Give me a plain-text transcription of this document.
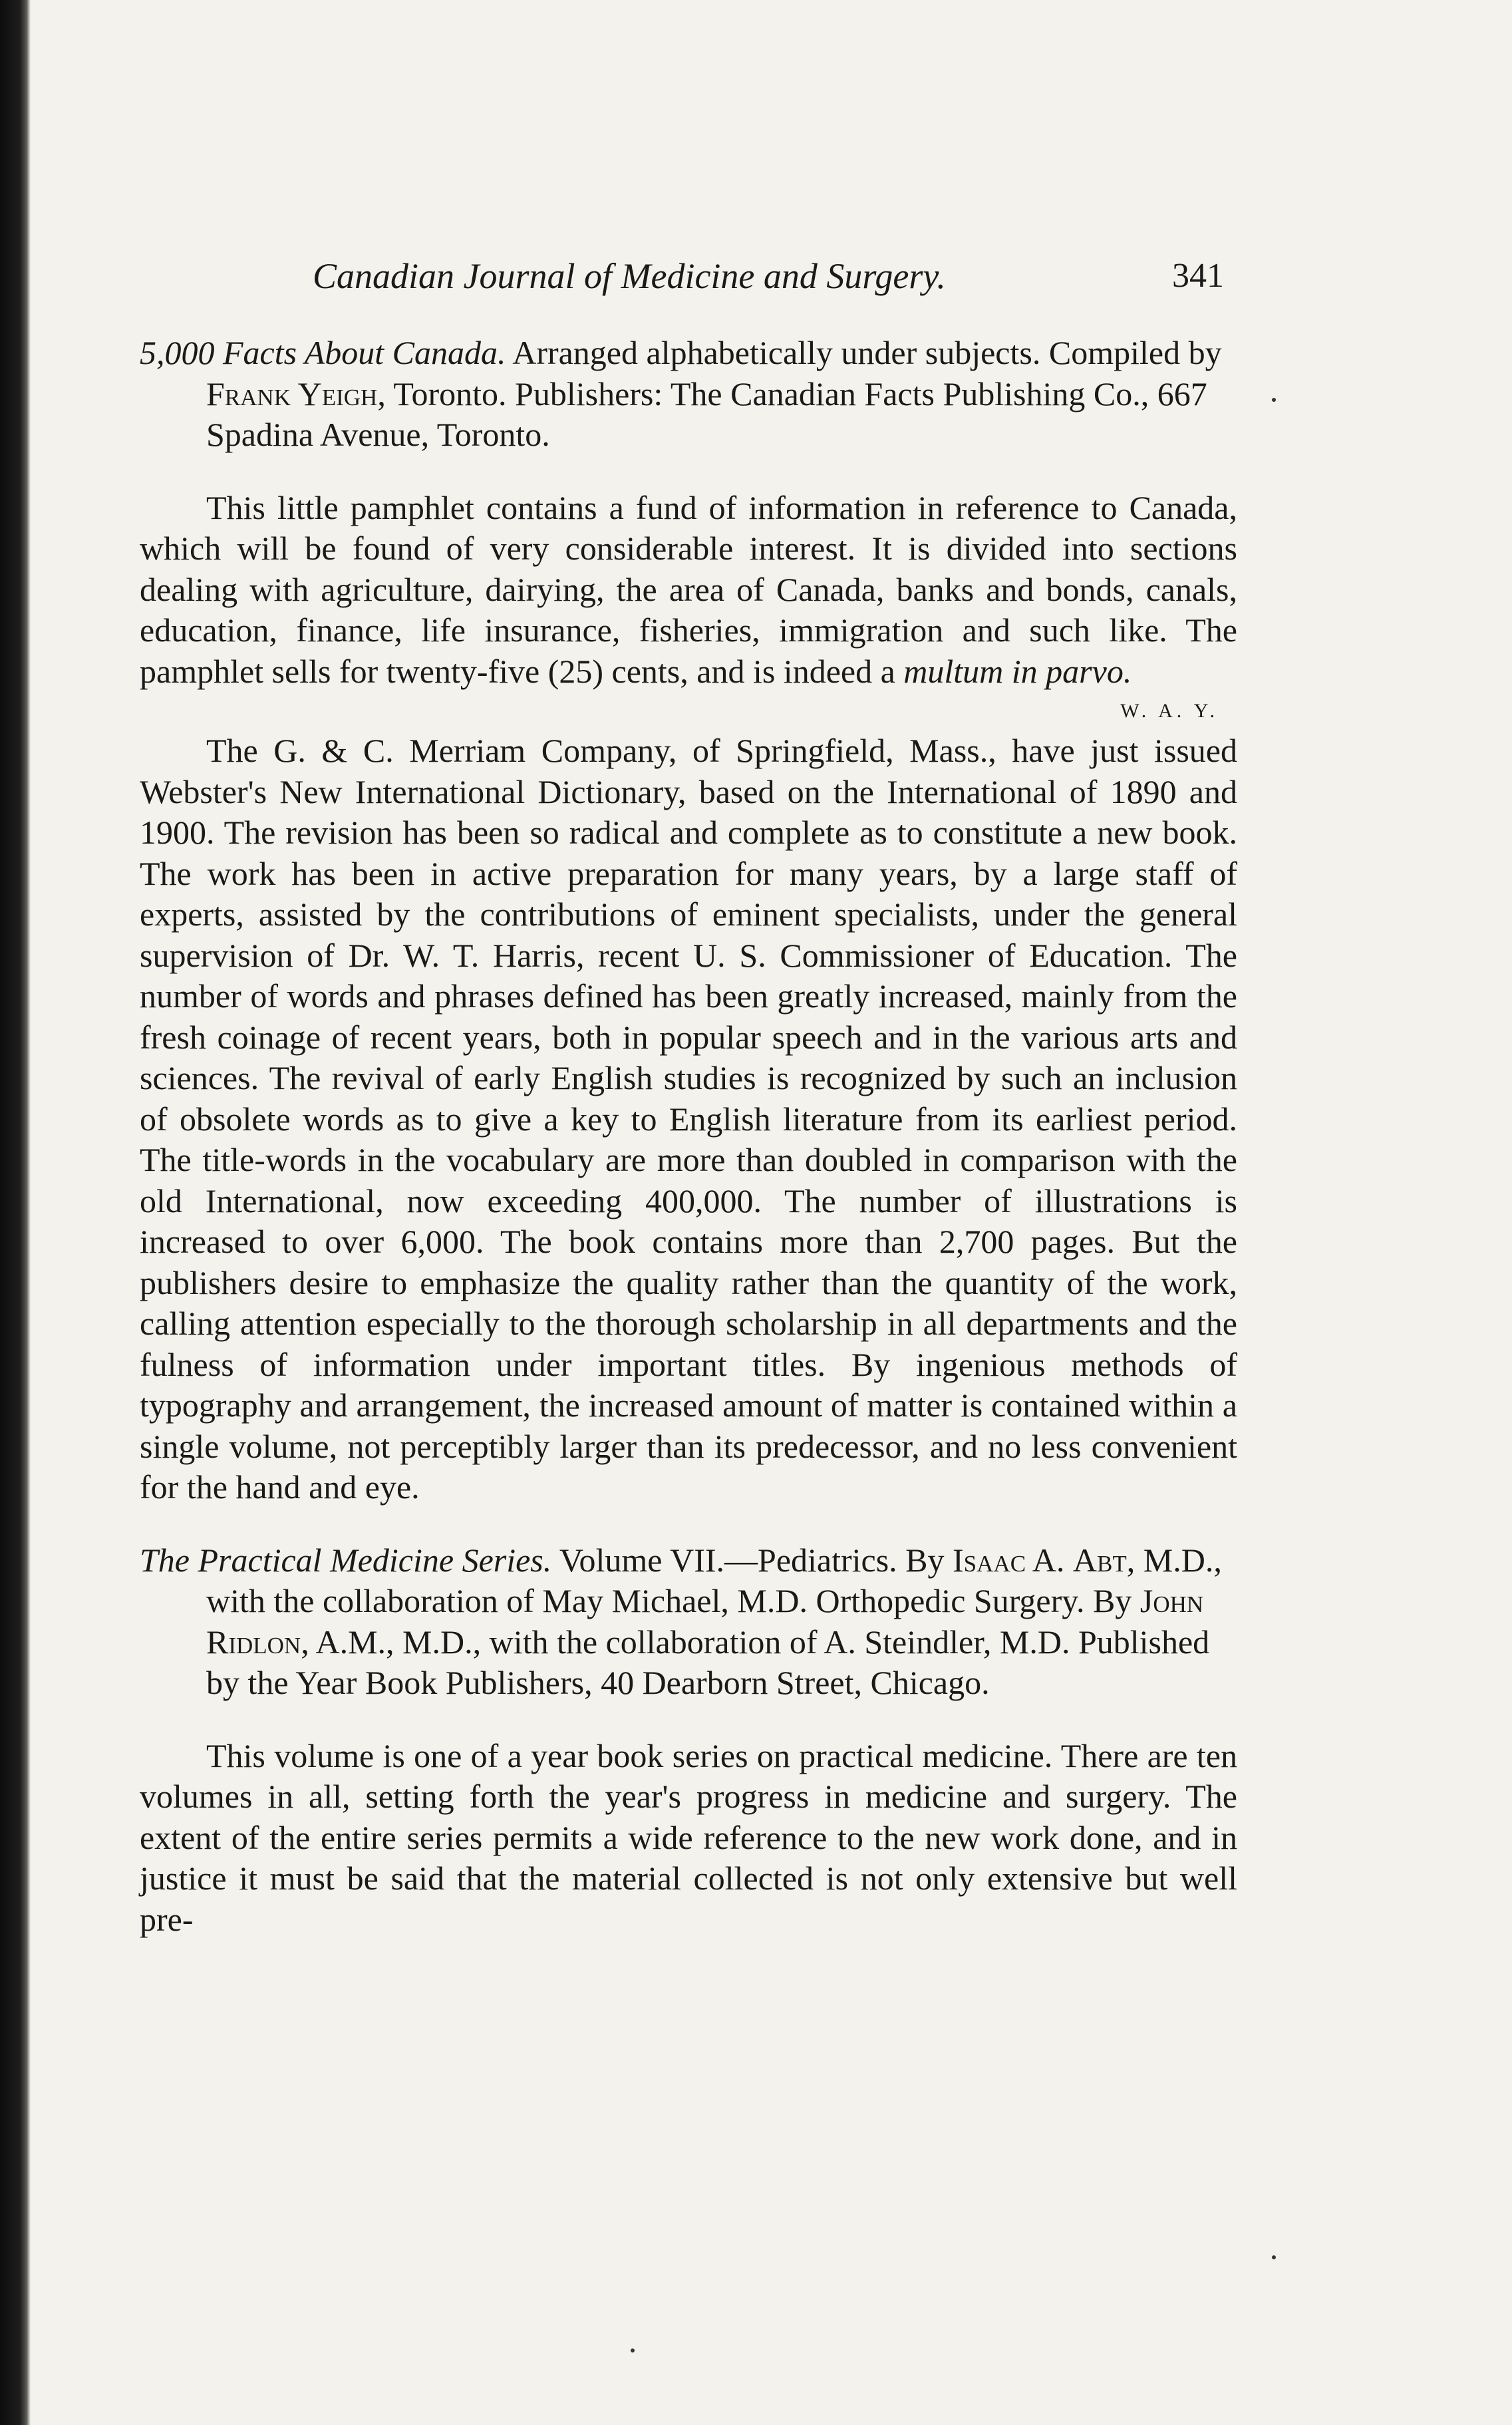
Canadian Journal of Medicine and Surgery.	341

5,000 Facts About Canada. Arranged alphabetically under subjects. Compiled by Frank Yeigh, Toronto. Publishers: The Canadian Facts Publishing Co., 667 Spadina Avenue, Toronto.

This little pamphlet contains a fund of information in reference to Canada, which will be found of very considerable interest. It is divided into sections dealing with agriculture, dairying, the area of Canada, banks and bonds, canals, education, finance, life insurance, fisheries, immigration and such like. The pamphlet sells for twenty-five (25) cents, and is indeed a multum in parvo.

W. A. Y.

The G. & C. Merriam Company, of Springfield, Mass., have just issued Webster's New International Dictionary, based on the International of 1890 and 1900. The revision has been so radical and complete as to constitute a new book. The work has been in active preparation for many years, by a large staff of experts, assisted by the contributions of eminent specialists, under the general supervision of Dr. W. T. Harris, recent U. S. Commissioner of Education. The number of words and phrases defined has been greatly increased, mainly from the fresh coinage of recent years, both in popular speech and in the various arts and sciences. The revival of early English studies is recognized by such an inclusion of obsolete words as to give a key to English literature from its earliest period. The title-words in the vocabulary are more than doubled in comparison with the old International, now exceeding 400,000. The number of illustrations is increased to over 6,000. The book contains more than 2,700 pages. But the publishers desire to emphasize the quality rather than the quantity of the work, calling attention especially to the thorough scholarship in all departments and the fulness of information under important titles. By ingenious methods of typography and arrangement, the increased amount of matter is contained within a single volume, not perceptibly larger than its predecessor, and no less convenient for the hand and eye.

The Practical Medicine Series. Volume VII.—Pediatrics. By Isaac A. Abt, M.D., with the collaboration of May Michael, M.D. Orthopedic Surgery. By John Ridlon, A.M., M.D., with the collaboration of A. Steindler, M.D. Published by the Year Book Publishers, 40 Dearborn Street, Chicago.

This volume is one of a year book series on practical medicine. There are ten volumes in all, setting forth the year's progress in medicine and surgery. The extent of the entire series permits a wide reference to the new work done, and in justice it must be said that the material collected is not only extensive but well pre-
